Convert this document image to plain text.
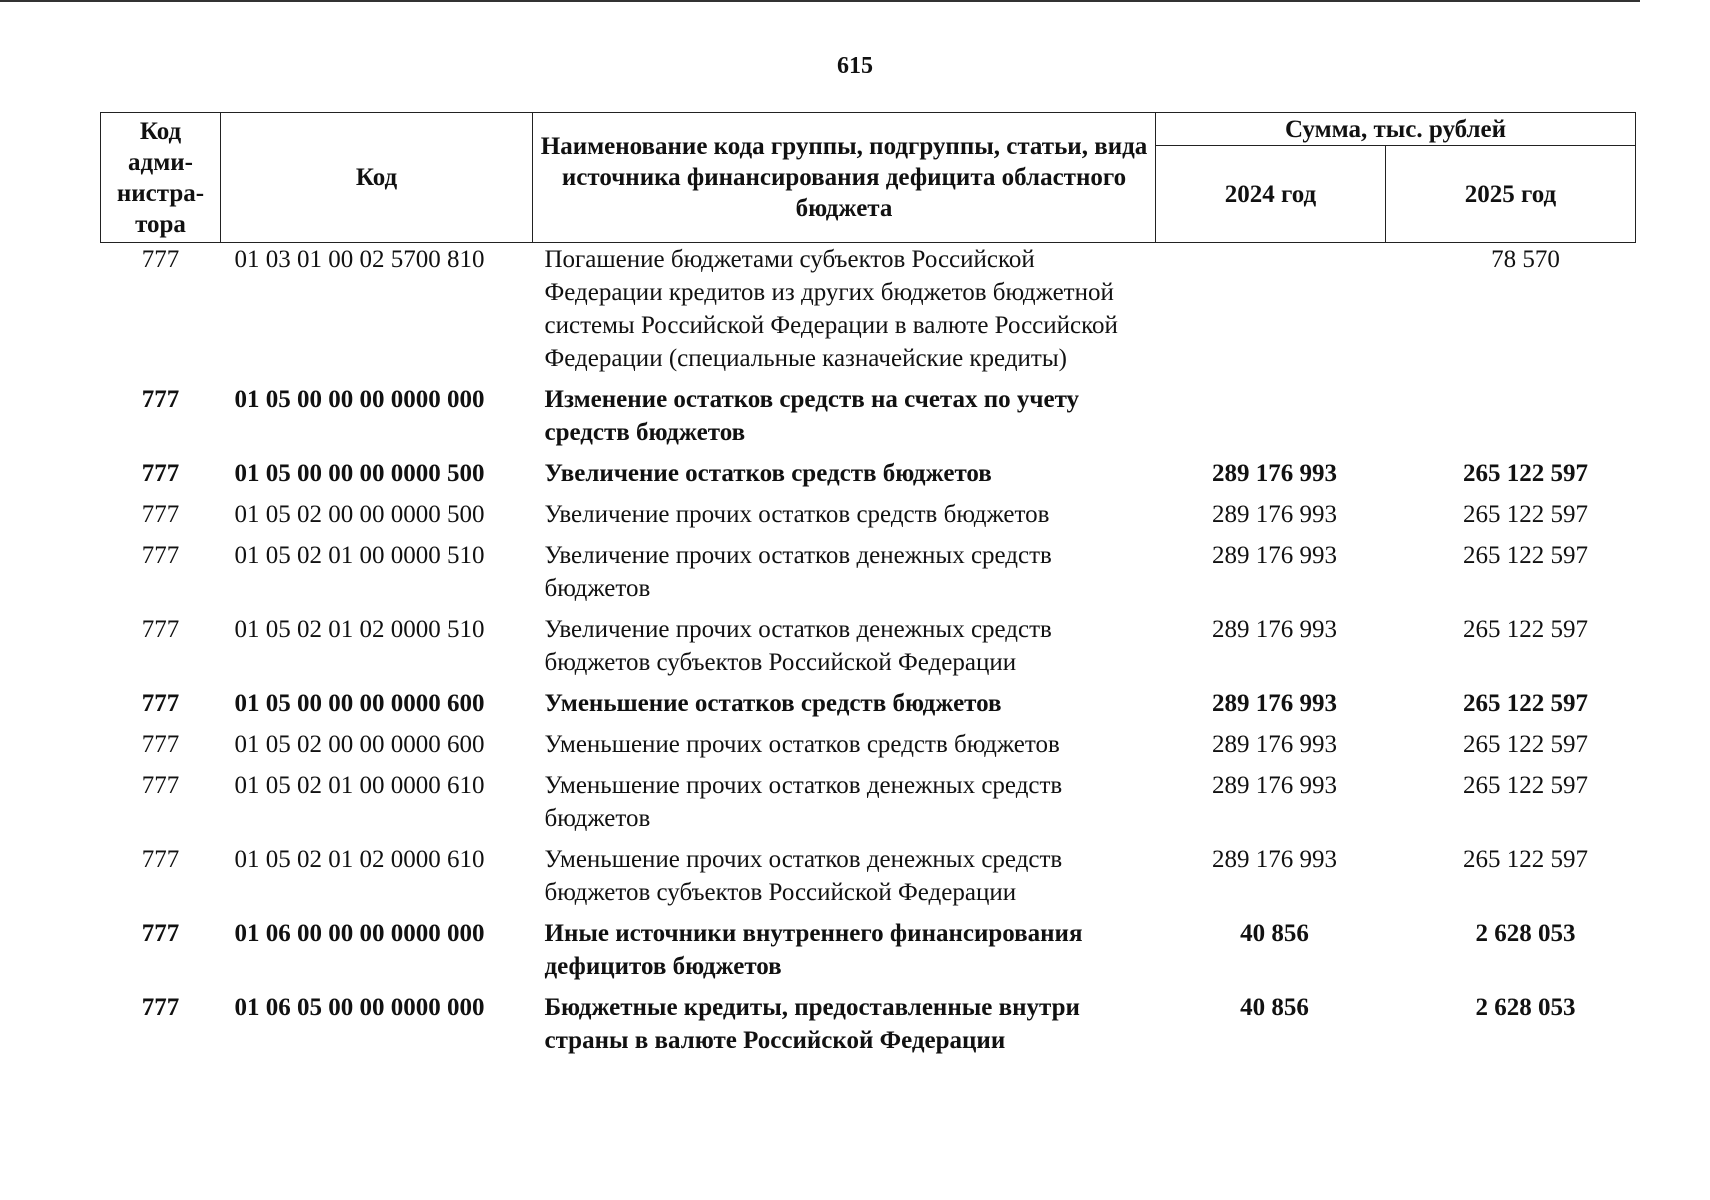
615
Код адми-нистра-тора	Код	Наименование кода группы, подгруппы, статьи, вида источника финансирования дефицита областного бюджета	Сумма, тыс. рублей	
			2024 год	2025 год
777	01 03 01 00 02 5700 810	Погашение бюджетами субъектов Российской Федерации кредитов из других бюджетов бюджетной системы Российской Федерации в валюте Российской Федерации (специальные казначейские кредиты)		78 570
777	01 05 00 00 00 0000 000	Изменение остатков средств на счетах по учету средств бюджетов		
777	01 05 00 00 00 0000 500	Увеличение остатков средств бюджетов	289 176 993	265 122 597
777	01 05 02 00 00 0000 500	Увеличение прочих остатков средств бюджетов	289 176 993	265 122 597
777	01 05 02 01 00 0000 510	Увеличение прочих остатков денежных средств бюджетов	289 176 993	265 122 597
777	01 05 02 01 02 0000 510	Увеличение прочих остатков денежных средств бюджетов субъектов Российской Федерации	289 176 993	265 122 597
777	01 05 00 00 00 0000 600	Уменьшение остатков средств бюджетов	289 176 993	265 122 597
777	01 05 02 00 00 0000 600	Уменьшение прочих остатков средств бюджетов	289 176 993	265 122 597
777	01 05 02 01 00 0000 610	Уменьшение прочих остатков денежных средств бюджетов	289 176 993	265 122 597
777	01 05 02 01 02 0000 610	Уменьшение прочих остатков денежных средств бюджетов субъектов Российской Федерации	289 176 993	265 122 597
777	01 06 00 00 00 0000 000	Иные источники внутреннего финансирования дефицитов бюджетов	40 856	2 628 053
777	01 06 05 00 00 0000 000	Бюджетные кредиты, предоставленные внутри страны в валюте Российской Федерации	40 856	2 628 053
